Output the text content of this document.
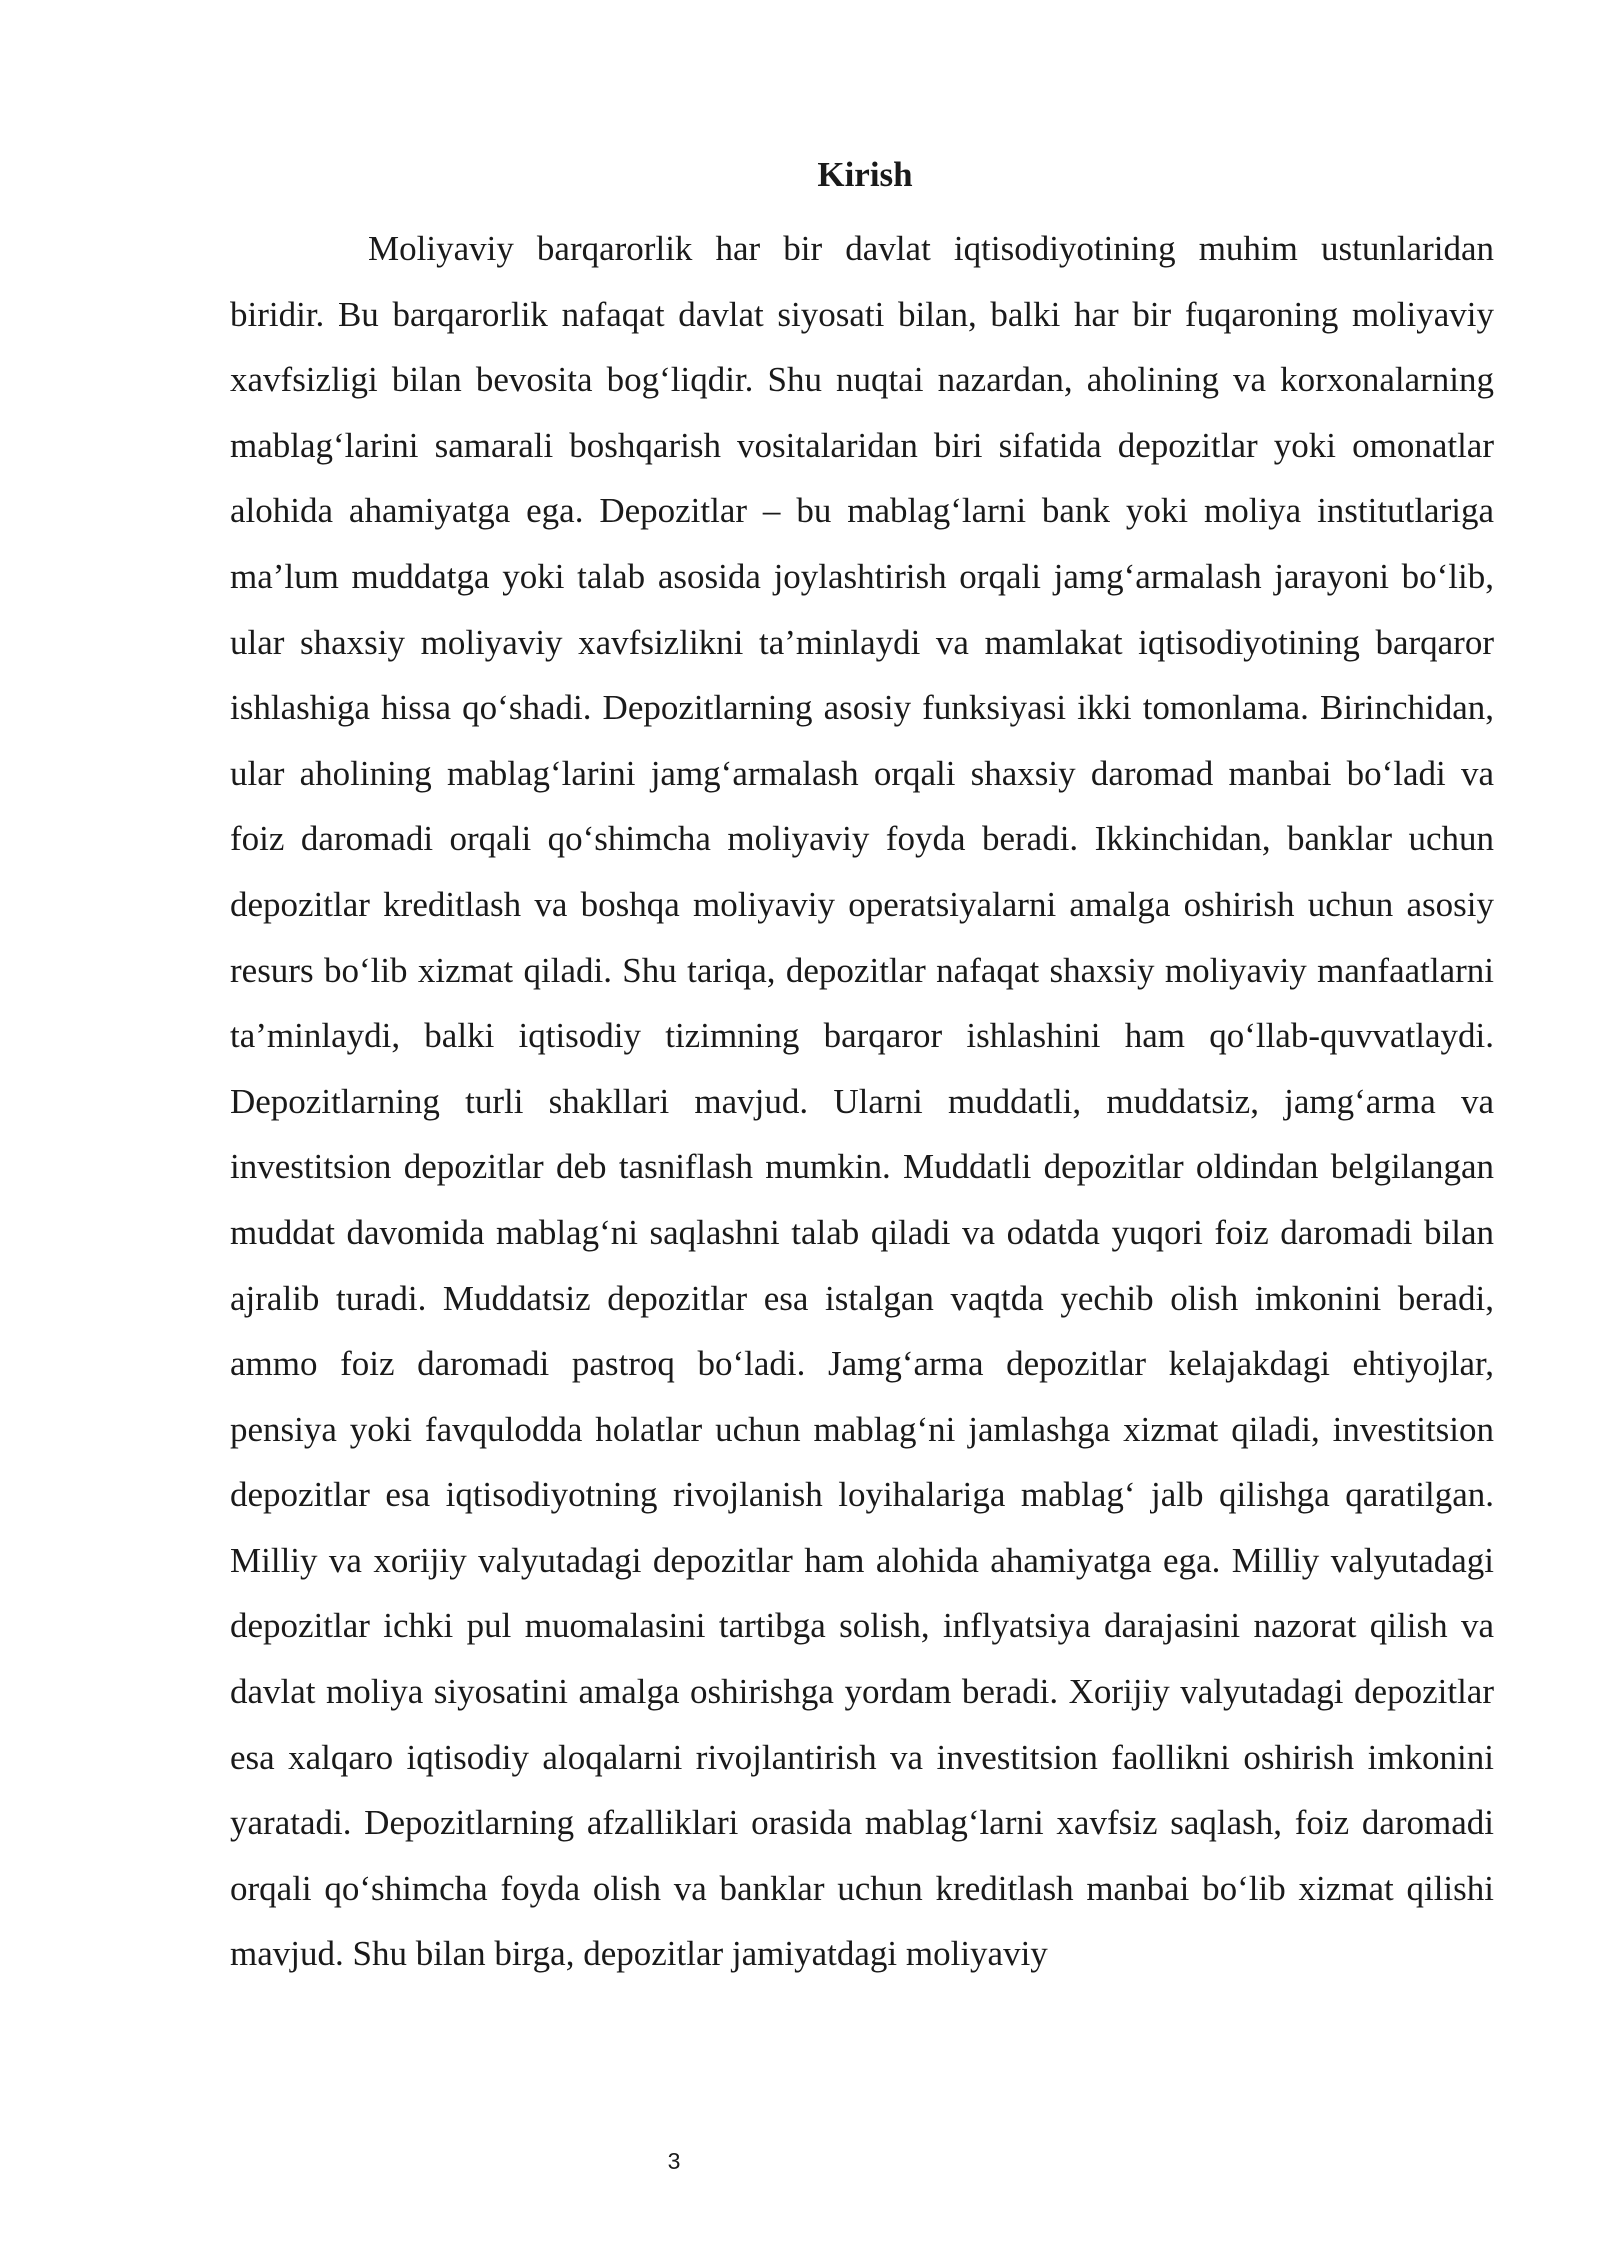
Kirish

Moliyaviy barqarorlik har bir davlat iqtisodiyotining muhim ustunlaridan biridir. Bu barqarorlik nafaqat davlat siyosati bilan, balki har bir fuqaroning moliyaviy xavfsizligi bilan bevosita bog‘liqdir. Shu nuqtai nazardan, aholining va korxonalarning mablag‘larini samarali boshqarish vositalaridan biri sifatida depozitlar yoki omonatlar alohida ahamiyatga ega. Depozitlar – bu mablag‘larni bank yoki moliya institutlariga ma’lum muddatga yoki talab asosida joylashtirish orqali jamg‘armalash jarayoni bo‘lib, ular shaxsiy moliyaviy xavfsizlikni ta’minlaydi va mamlakat iqtisodiyotining barqaror ishlashiga hissa qo‘shadi. Depozitlarning asosiy funksiyasi ikki tomonlama. Birinchidan, ular aholining mablag‘larini jamg‘armalash orqali shaxsiy daromad manbai bo‘ladi va foiz daromadi orqali qo‘shimcha moliyaviy foyda beradi. Ikkinchidan, banklar uchun depozitlar kreditlash va boshqa moliyaviy operatsiyalarni amalga oshirish uchun asosiy resurs bo‘lib xizmat qiladi. Shu tariqa, depozitlar nafaqat shaxsiy moliyaviy manfaatlarni ta’minlaydi, balki iqtisodiy tizimning barqaror ishlashini ham qo‘llab-quvvatlaydi. Depozitlarning turli shakllari mavjud. Ularni muddatli, muddatsiz, jamg‘arma va investitsion depozitlar deb tasniflash mumkin. Muddatli depozitlar oldindan belgilangan muddat davomida mablag‘ni saqlashni talab qiladi va odatda yuqori foiz daromadi bilan ajralib turadi. Muddatsiz depozitlar esa istalgan vaqtda yechib olish imkonini beradi, ammo foiz daromadi pastroq bo‘ladi. Jamg‘arma depozitlar kelajakdagi ehtiyojlar, pensiya yoki favqulodda holatlar uchun mablag‘ni jamlashga xizmat qiladi, investitsion depozitlar esa iqtisodiyotning rivojlanish loyihalariga mablag‘ jalb qilishga qaratilgan. Milliy va xorijiy valyutadagi depozitlar ham alohida ahamiyatga ega. Milliy valyutadagi depozitlar ichki pul muomalasini tartibga solish, inflyatsiya darajasini nazorat qilish va davlat moliya siyosatini amalga oshirishga yordam beradi. Xorijiy valyutadagi depozitlar esa xalqaro iqtisodiy aloqalarni rivojlantirish va investitsion faollikni oshirish imkonini yaratadi. Depozitlarning afzalliklari orasida mablag‘larni xavfsiz saqlash, foiz daromadi orqali qo‘shimcha foyda olish va banklar uchun kreditlash manbai bo‘lib xizmat qilishi mavjud. Shu bilan birga, depozitlar jamiyatdagi moliyaviy

3
